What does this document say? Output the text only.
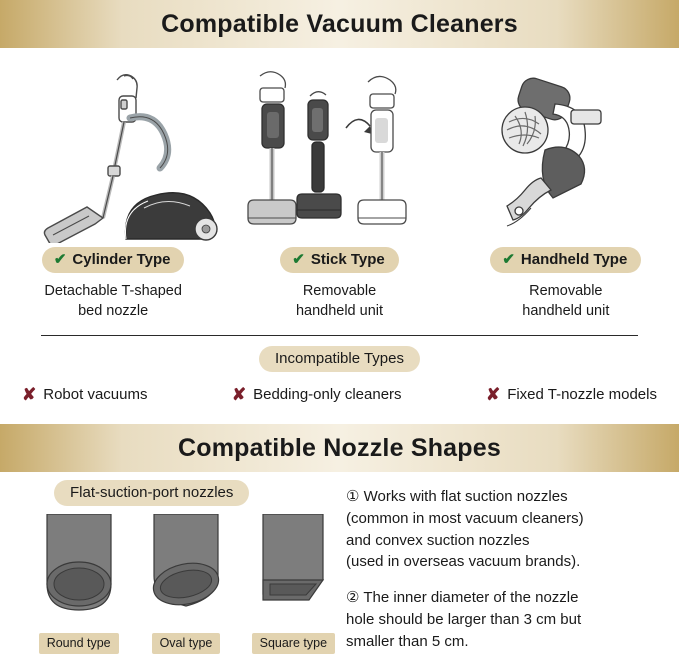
Compatible Vacuum Cleaners
✔ Cylinder Type	✔ Stick Type	✔ Handheld Type
Detachable T-shaped
bed nozzle
Removable
handheld unit
Removable
handheld unit
Incompatible Types
✘ Robot vacuums	✘ Bedding-only cleaners	✘ Fixed T-nozzle models
Compatible Nozzle Shapes
Flat-suction-port nozzles
Round type	Oval type	Square type

① Works with flat suction nozzles
(common in most vacuum cleaners)
and convex suction nozzles
(used in overseas vacuum brands).

② The inner diameter of the nozzle
hole should be larger than 3 cm but
smaller than 5 cm.
